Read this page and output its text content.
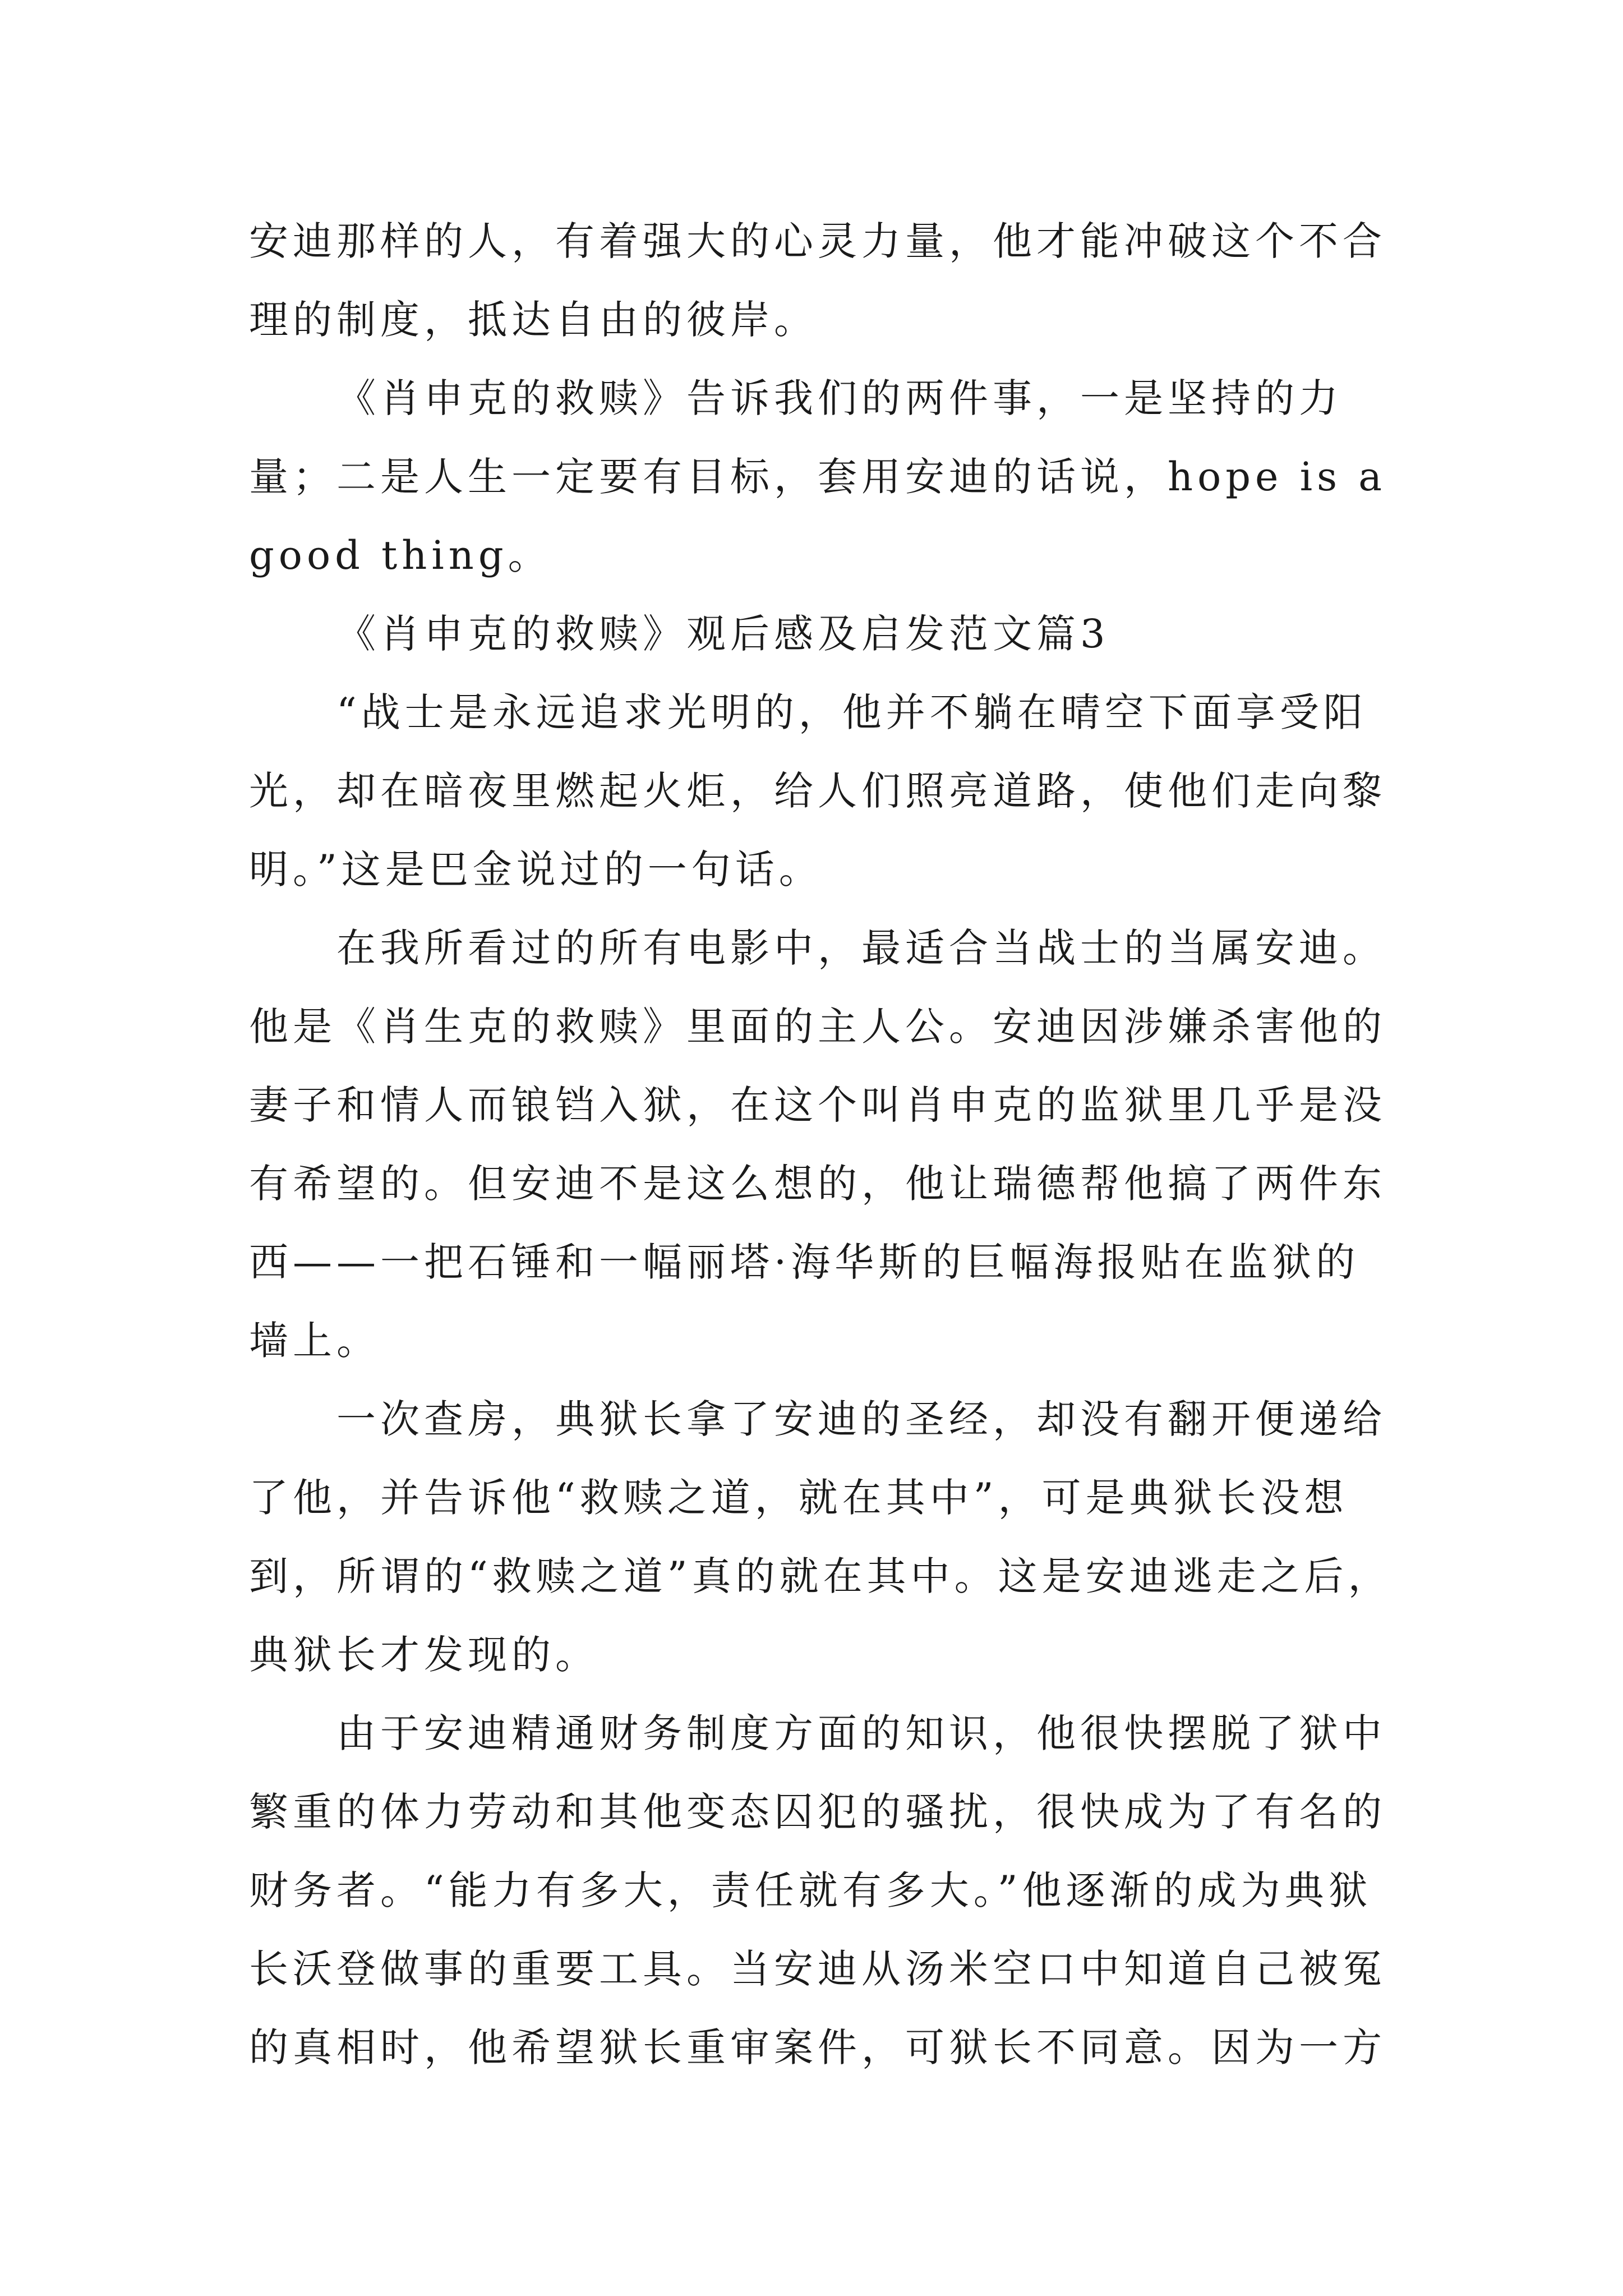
安迪那样的人，有着强大的心灵力量，他才能冲破这个不合理的制度，抵达自由的彼岸。

《肖申克的救赎》告诉我们的两件事，一是坚持的力量；二是人生一定要有目标，套用安迪的话说，hope is a good thing。

《肖申克的救赎》观后感及启发范文篇3

“战士是永远追求光明的，他并不躺在晴空下面享受阳光，却在暗夜里燃起火炬，给人们照亮道路，使他们走向黎明。”这是巴金说过的一句话。

在我所看过的所有电影中，最适合当战士的当属安迪。他是《肖生克的救赎》里面的主人公。安迪因涉嫌杀害他的妻子和情人而锒铛入狱，在这个叫肖申克的监狱里几乎是没有希望的。但安迪不是这么想的，他让瑞德帮他搞了两件东西——一把石锤和一幅丽塔·海华斯的巨幅海报贴在监狱的墙上。

一次查房，典狱长拿了安迪的圣经，却没有翻开便递给了他，并告诉他“救赎之道，就在其中”，可是典狱长没想到，所谓的“救赎之道”真的就在其中。这是安迪逃走之后，典狱长才发现的。

由于安迪精通财务制度方面的知识，他很快摆脱了狱中繁重的体力劳动和其他变态囚犯的骚扰，很快成为了有名的财务者。“能力有多大，责任就有多大。”他逐渐的成为典狱长沃登做事的重要工具。当安迪从汤米空口中知道自己被冤的真相时，他希望狱长重审案件，可狱长不同意。因为一方
